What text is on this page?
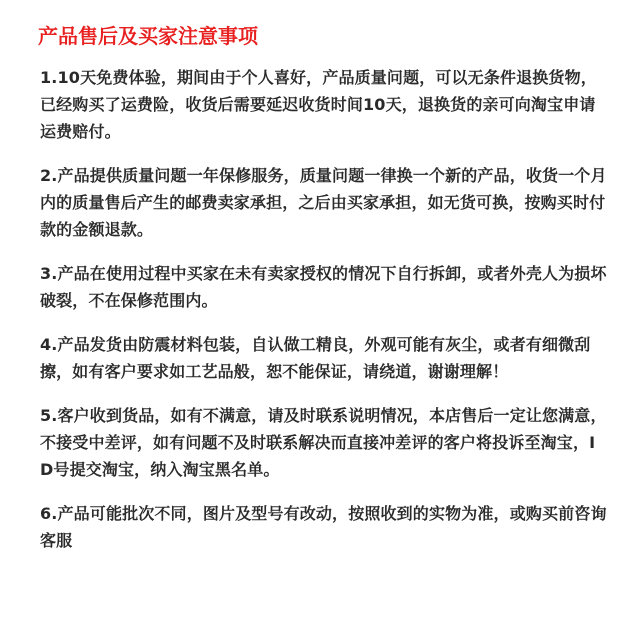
产品售后及买家注意事项
1.10天免费体验，期间由于个人喜好，产品质量问题，可以无条件退换货物，已经购买了运费险，收货后需要延迟收货时间10天，退换货的亲可向淘宝申请运费赔付。
2.产品提供质量问题一年保修服务，质量问题一律换一个新的产品，收货一个月内的质量售后产生的邮费卖家承担，之后由买家承担，如无货可换，按购买时付款的金额退款。
3.产品在使用过程中买家在未有卖家授权的情况下自行拆卸，或者外壳人为损坏破裂，不在保修范围内。
4.产品发货由防震材料包装，自认做工精良，外观可能有灰尘，或者有细微刮擦，如有客户要求如工艺品般，恕不能保证，请绕道，谢谢理解！
5.客户收到货品，如有不满意，请及时联系说明情况，本店售后一定让您满意，不接受中差评，如有问题不及时联系解决而直接冲差评的客户将投诉至淘宝，ID号提交淘宝，纳入淘宝黑名单。
6.产品可能批次不同，图片及型号有改动，按照收到的实物为准，或购买前咨询客服
